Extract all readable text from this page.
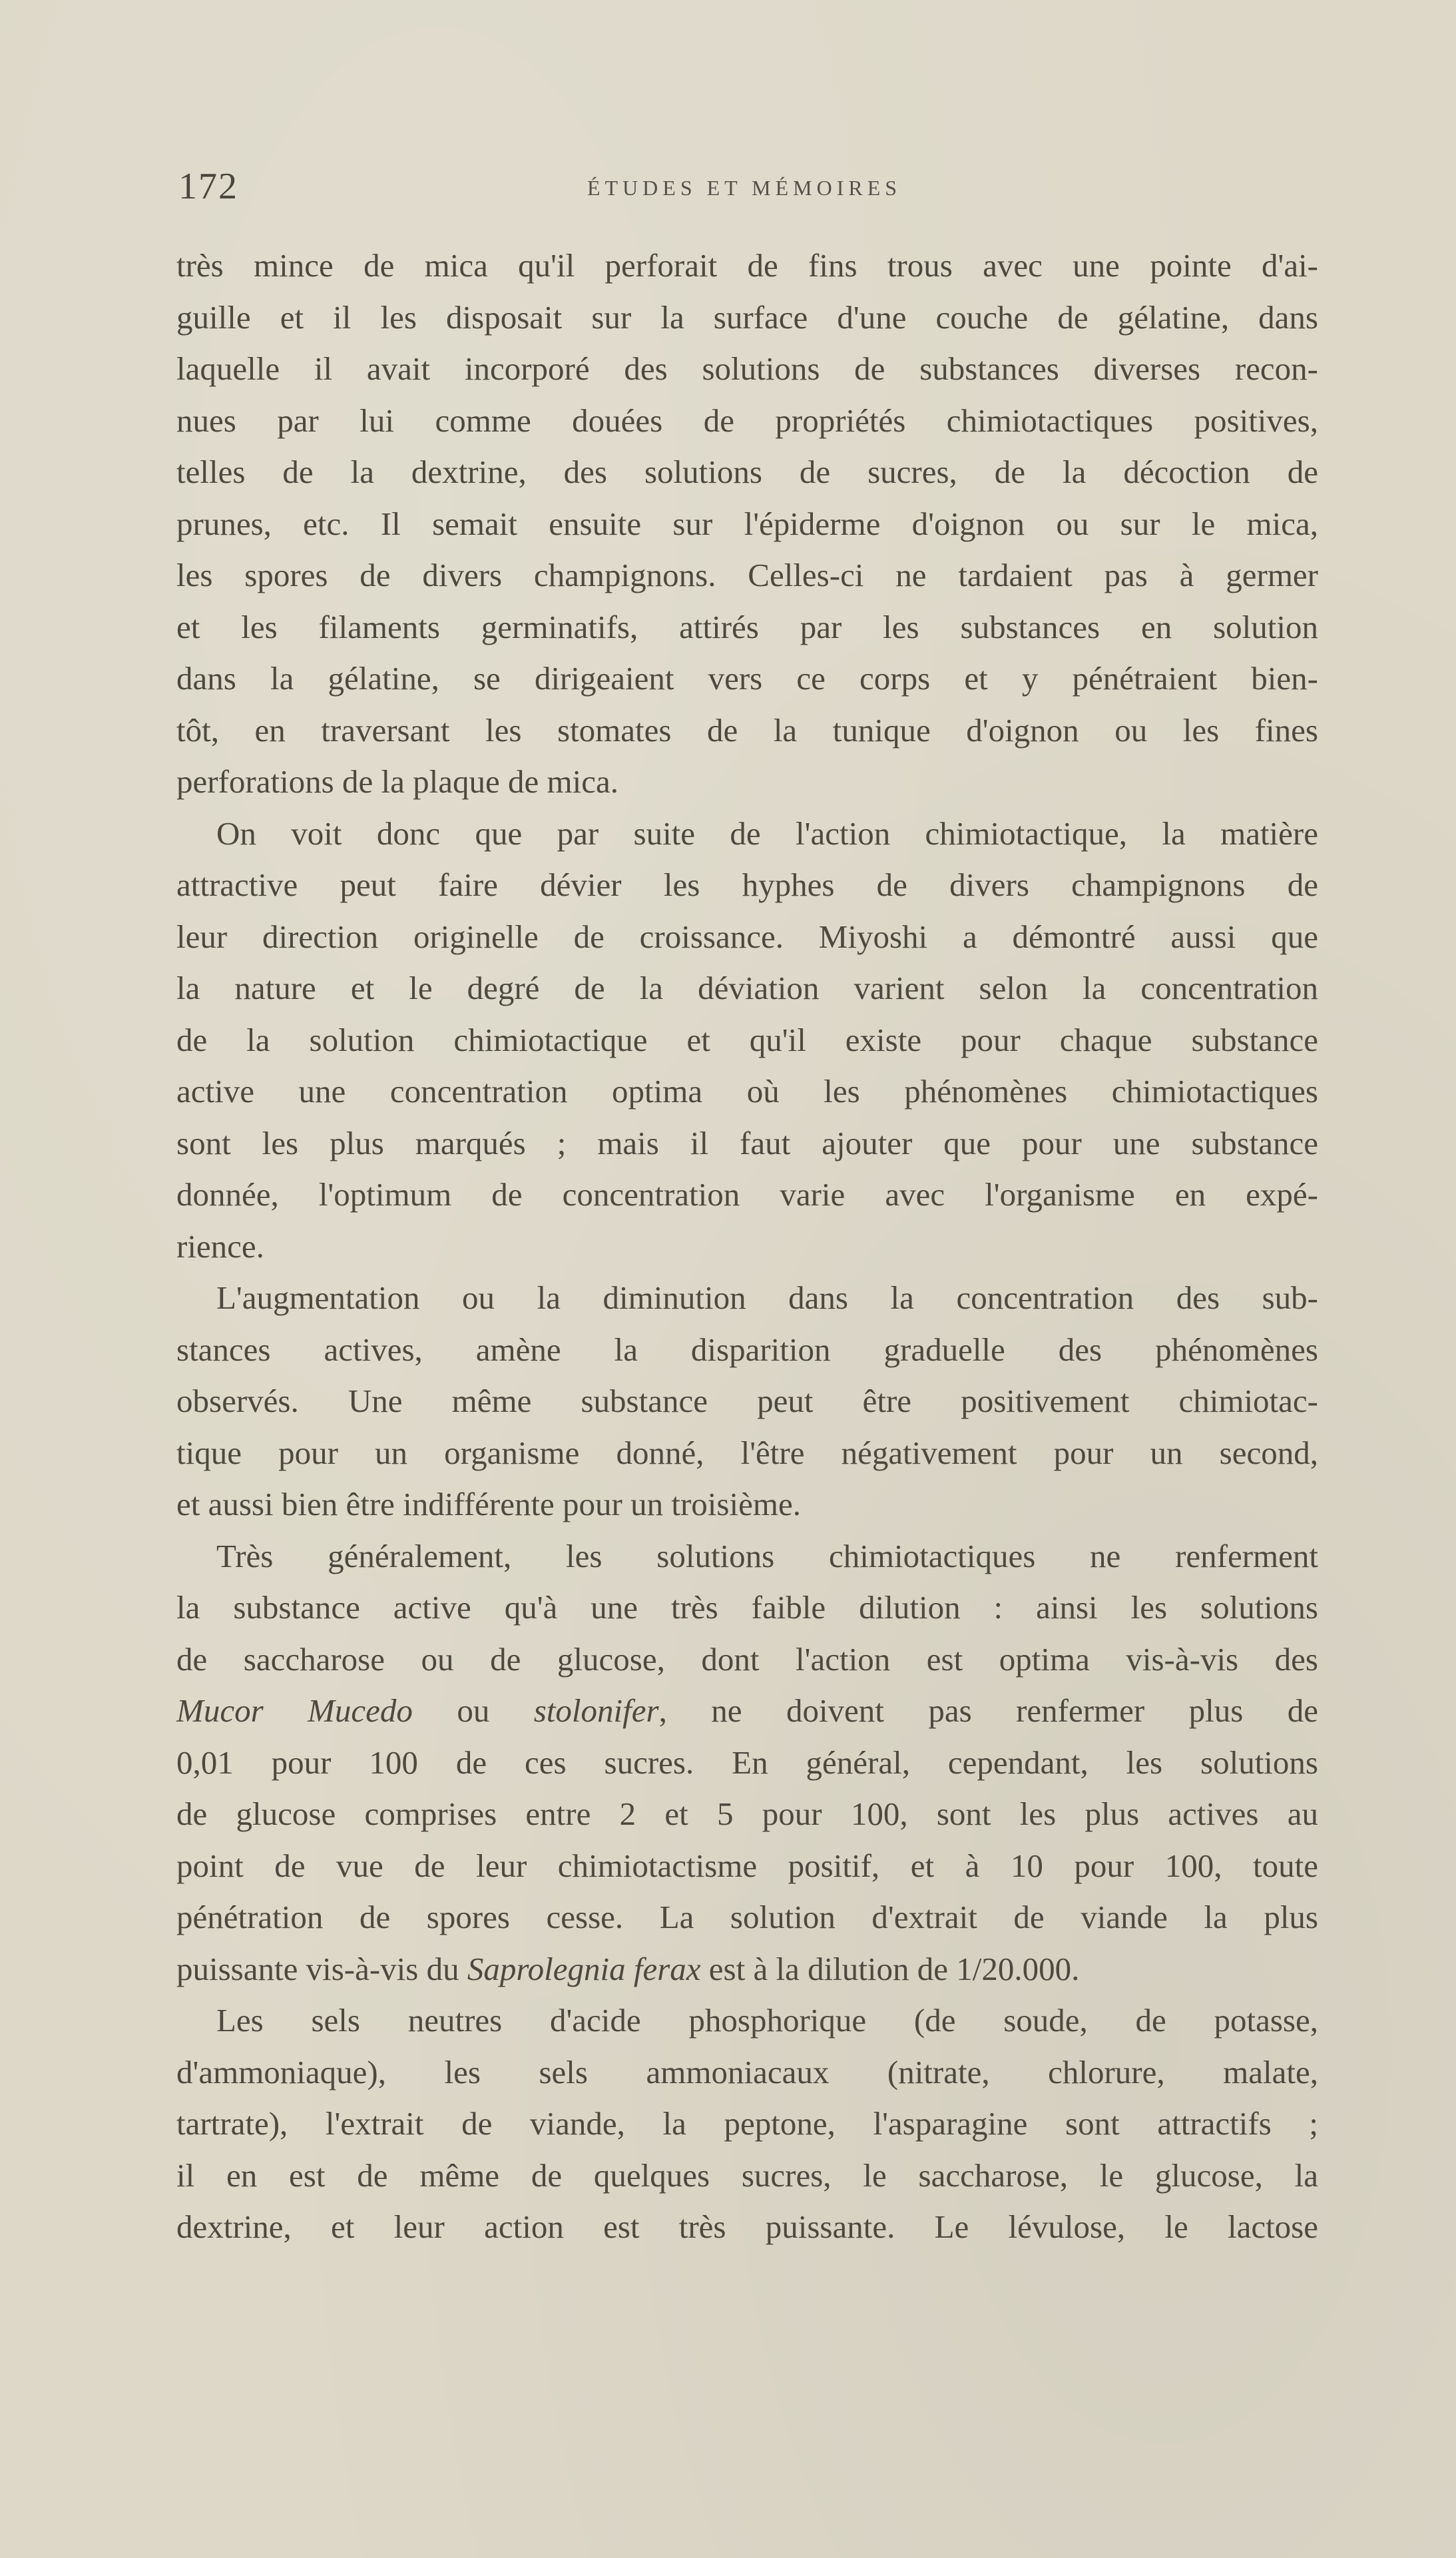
172	ÉTUDES ET MÉMOIRES
très mince de mica qu'il perforait de fins trous avec une pointe d'ai-
guille et il les disposait sur la surface d'une couche de gélatine, dans
laquelle il avait incorporé des solutions de substances diverses recon-
nues par lui comme douées de propriétés chimiotactiques positives,
telles de la dextrine, des solutions de sucres, de la décoction de
prunes, etc. Il semait ensuite sur l'épiderme d'oignon ou sur le mica,
les spores de divers champignons. Celles-ci ne tardaient pas à germer
et les filaments germinatifs, attirés par les substances en solution
dans la gélatine, se dirigeaient vers ce corps et y pénétraient bien-
tôt, en traversant les stomates de la tunique d'oignon ou les fines
perforations de la plaque de mica.
On voit donc que par suite de l'action chimiotactique, la matière
attractive peut faire dévier les hyphes de divers champignons de
leur direction originelle de croissance. Miyoshi a démontré aussi que
la nature et le degré de la déviation varient selon la concentration
de la solution chimiotactique et qu'il existe pour chaque substance
active une concentration optima où les phénomènes chimiotactiques
sont les plus marqués ; mais il faut ajouter que pour une substance
donnée, l'optimum de concentration varie avec l'organisme en expé-
rience.
L'augmentation ou la diminution dans la concentration des sub-
stances actives, amène la disparition graduelle des phénomènes
observés. Une même substance peut être positivement chimiotac-
tique pour un organisme donné, l'être négativement pour un second,
et aussi bien être indifférente pour un troisième.
Très généralement, les solutions chimiotactiques ne renferment
la substance active qu'à une très faible dilution : ainsi les solutions
de saccharose ou de glucose, dont l'action est optima vis-à-vis des
Mucor Mucedo ou stolonifer, ne doivent pas renfermer plus de
0,01 pour 100 de ces sucres. En général, cependant, les solutions
de glucose comprises entre 2 et 5 pour 100, sont les plus actives au
point de vue de leur chimiotactisme positif, et à 10 pour 100, toute
pénétration de spores cesse. La solution d'extrait de viande la plus
puissante vis-à-vis du Saprolegnia ferax est à la dilution de 1/20.000.
Les sels neutres d'acide phosphorique (de soude, de potasse,
d'ammoniaque), les sels ammoniacaux (nitrate, chlorure, malate,
tartrate), l'extrait de viande, la peptone, l'asparagine sont attractifs ;
il en est de même de quelques sucres, le saccharose, le glucose, la
dextrine, et leur action est très puissante. Le lévulose, le lactose
